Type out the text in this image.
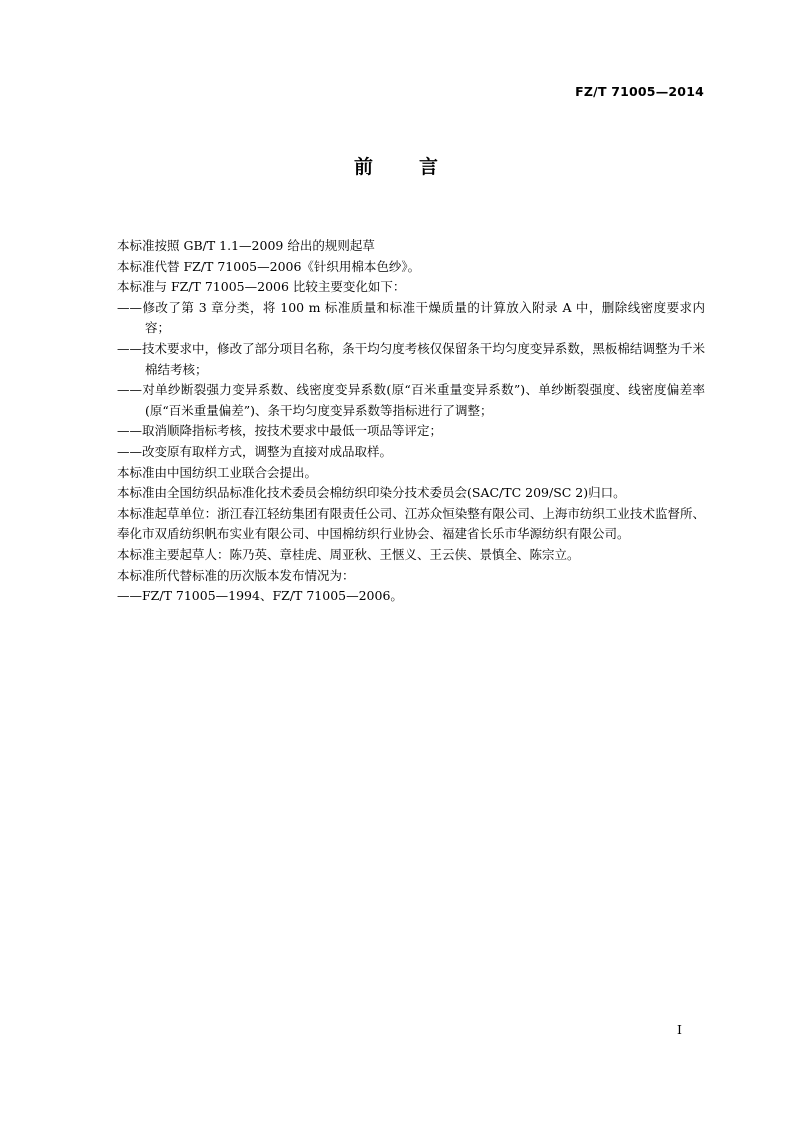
FZ/T 71005—2014
前 言

本标准按照 GB/T 1.1—2009 给出的规则起草

本标准代替 FZ/T 71005—2006《针织用棉本色纱》。

本标准与 FZ/T 71005—2006 比较主要变化如下：

——修改了第 3 章分类，将 100 m 标准质量和标准干燥质量的计算放入附录 A 中，删除线密度要求内容；

——技术要求中，修改了部分项目名称，条干均匀度考核仅保留条干均匀度变异系数，黑板棉结调整为千米棉结考核；

——对单纱断裂强力变异系数、线密度变异系数(原“百米重量变异系数”)、单纱断裂强度、线密度偏差率(原“百米重量偏差”)、条干均匀度变异系数等指标进行了调整；

——取消顺降指标考核，按技术要求中最低一项品等评定；

——改变原有取样方式，调整为直接对成品取样。

本标准由中国纺织工业联合会提出。

本标准由全国纺织品标准化技术委员会棉纺织印染分技术委员会(SAC/TC 209/SC 2)归口。

本标准起草单位：浙江春江轻纺集团有限责任公司、江苏众恒染整有限公司、上海市纺织工业技术监督所、奉化市双盾纺织帆布实业有限公司、中国棉纺织行业协会、福建省长乐市华源纺织有限公司。

本标准主要起草人：陈乃英、章桂虎、周亚秋、王惬义、王云侠、景慎全、陈宗立。

本标准所代替标准的历次版本发布情况为：

——FZ/T 71005—1994、FZ/T 71005—2006。

I
